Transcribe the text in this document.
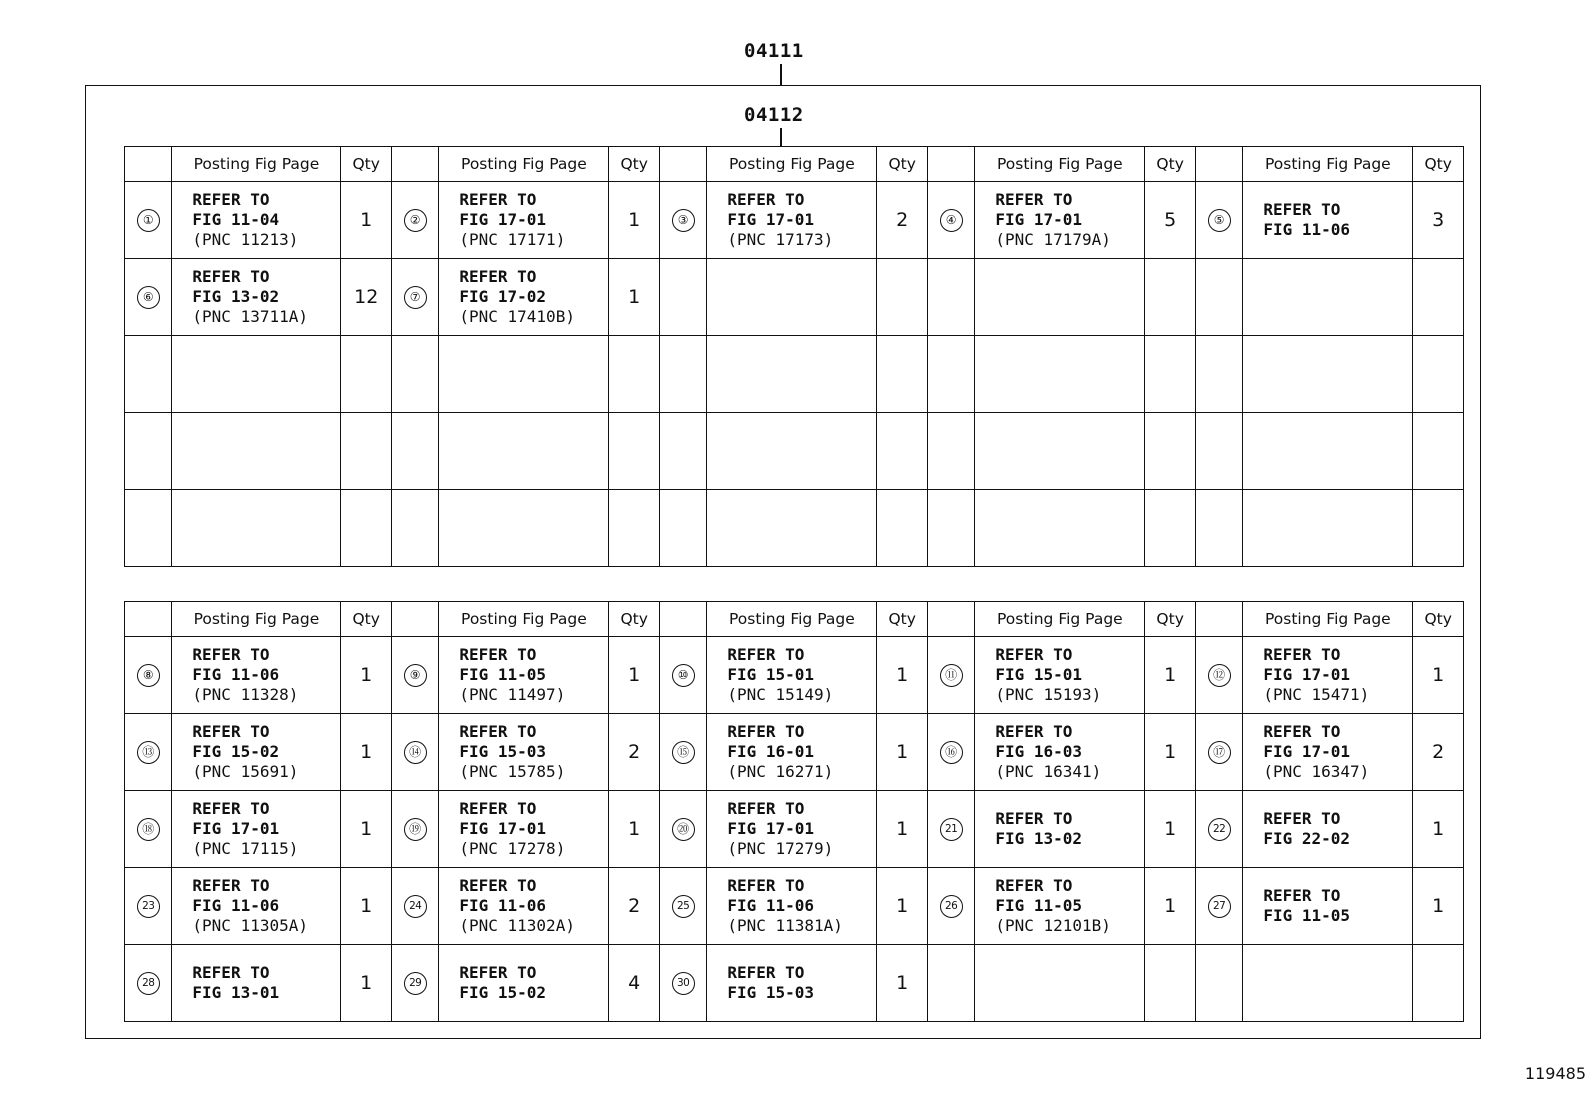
04111
04112
	Posting Fig Page	Qty		Posting Fig Page	Qty		Posting Fig Page	Qty		Posting Fig Page	Qty		Posting Fig Page	Qty
①	REFER TO
FIG 11-04
(PNC 11213)	1	②	REFER TO
FIG 17-01
(PNC 17171)	1	③	REFER TO
FIG 17-01
(PNC 17173)	2	④	REFER TO
FIG 17-01
(PNC 17179A)	5	⑤	REFER TO
FIG 11-06	3
⑥	REFER TO
FIG 13-02
(PNC 13711A)	12	⑦	REFER TO
FIG 17-02
(PNC 17410B)	1									

	Posting Fig Page	Qty		Posting Fig Page	Qty		Posting Fig Page	Qty		Posting Fig Page	Qty		Posting Fig Page	Qty
⑧	REFER TO
FIG 11-06
(PNC 11328)	1	⑨	REFER TO
FIG 11-05
(PNC 11497)	1	⑩	REFER TO
FIG 15-01
(PNC 15149)	1	⑪	REFER TO
FIG 15-01
(PNC 15193)	1	⑫	REFER TO
FIG 17-01
(PNC 15471)	1
⑬	REFER TO
FIG 15-02
(PNC 15691)	1	⑭	REFER TO
FIG 15-03
(PNC 15785)	2	⑮	REFER TO
FIG 16-01
(PNC 16271)	1	⑯	REFER TO
FIG 16-03
(PNC 16341)	1	⑰	REFER TO
FIG 17-01
(PNC 16347)	2
⑱	REFER TO
FIG 17-01
(PNC 17115)	1	⑲	REFER TO
FIG 17-01
(PNC 17278)	1	⑳	REFER TO
FIG 17-01
(PNC 17279)	1	21	REFER TO
FIG 13-02	1	22	REFER TO
FIG 22-02	1
23	REFER TO
FIG 11-06
(PNC 11305A)	1	24	REFER TO
FIG 11-06
(PNC 11302A)	2	25	REFER TO
FIG 11-06
(PNC 11381A)	1	26	REFER TO
FIG 11-05
(PNC 12101B)	1	27	REFER TO
FIG 11-05	1
28	REFER TO
FIG 13-01	1	29	REFER TO
FIG 15-02	4	30	REFER TO
FIG 15-03	1						
119485
